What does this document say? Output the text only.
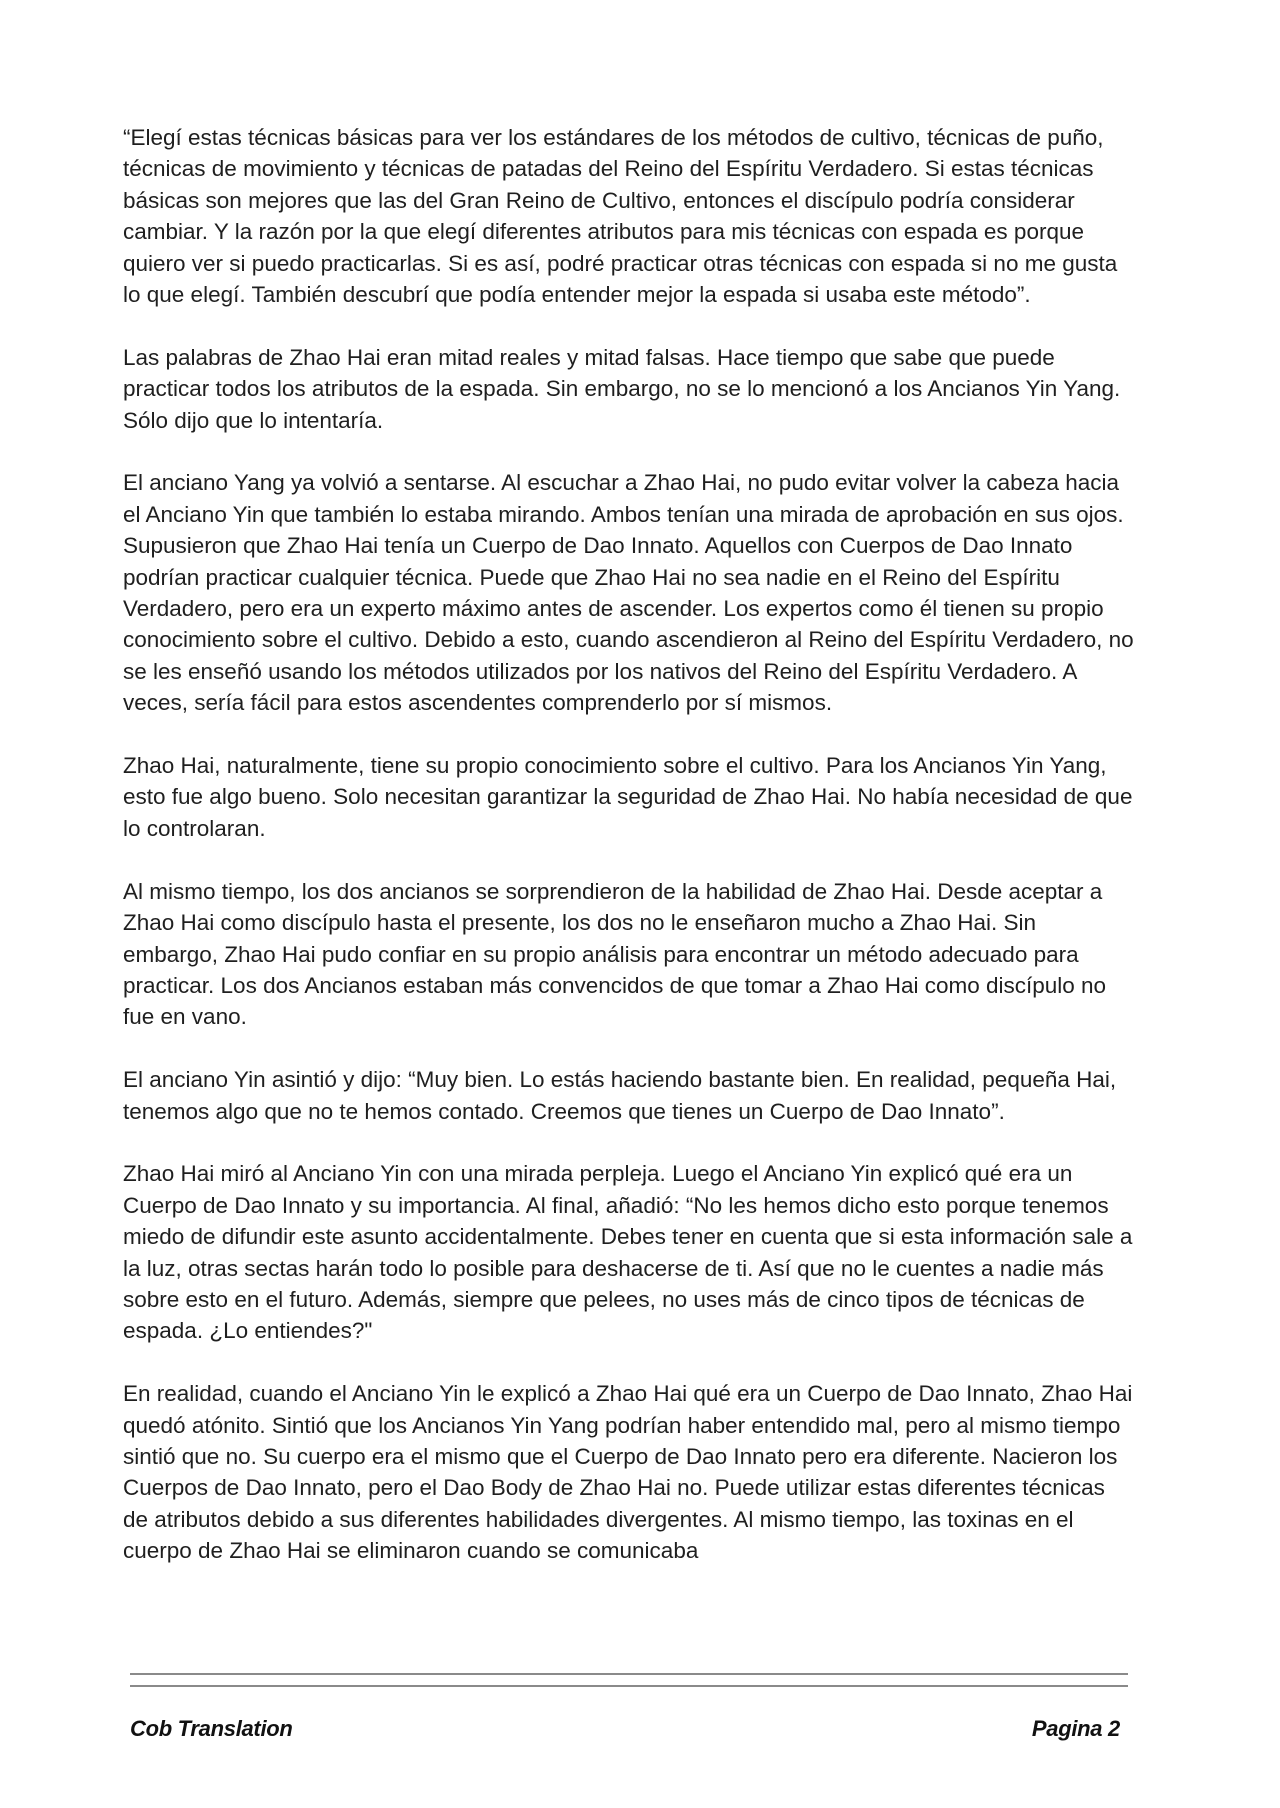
“Elegí estas técnicas básicas para ver los estándares de los métodos de cultivo, técnicas de puño, técnicas de movimiento y técnicas de patadas del Reino del Espíritu Verdadero. Si estas técnicas básicas son mejores que las del Gran Reino de Cultivo, entonces el discípulo podría considerar cambiar. Y la razón por la que elegí diferentes atributos para mis técnicas con espada es porque quiero ver si puedo practicarlas. Si es así, podré practicar otras técnicas con espada si no me gusta lo que elegí. También descubrí que podía entender mejor la espada si usaba este método”.

Las palabras de Zhao Hai eran mitad reales y mitad falsas. Hace tiempo que sabe que puede practicar todos los atributos de la espada. Sin embargo, no se lo mencionó a los Ancianos Yin Yang. Sólo dijo que lo intentaría.

El anciano Yang ya volvió a sentarse. Al escuchar a Zhao Hai, no pudo evitar volver la cabeza hacia el Anciano Yin que también lo estaba mirando. Ambos tenían una mirada de aprobación en sus ojos. Supusieron que Zhao Hai tenía un Cuerpo de Dao Innato. Aquellos con Cuerpos de Dao Innato podrían practicar cualquier técnica. Puede que Zhao Hai no sea nadie en el Reino del Espíritu Verdadero, pero era un experto máximo antes de ascender. Los expertos como él tienen su propio conocimiento sobre el cultivo. Debido a esto, cuando ascendieron al Reino del Espíritu Verdadero, no se les enseñó usando los métodos utilizados por los nativos del Reino del Espíritu Verdadero. A veces, sería fácil para estos ascendentes comprenderlo por sí mismos.

Zhao Hai, naturalmente, tiene su propio conocimiento sobre el cultivo. Para los Ancianos Yin Yang, esto fue algo bueno. Solo necesitan garantizar la seguridad de Zhao Hai. No había necesidad de que lo controlaran.

Al mismo tiempo, los dos ancianos se sorprendieron de la habilidad de Zhao Hai. Desde aceptar a Zhao Hai como discípulo hasta el presente, los dos no le enseñaron mucho a Zhao Hai. Sin embargo, Zhao Hai pudo confiar en su propio análisis para encontrar un método adecuado para practicar. Los dos Ancianos estaban más convencidos de que tomar a Zhao Hai como discípulo no fue en vano.

El anciano Yin asintió y dijo: “Muy bien. Lo estás haciendo bastante bien. En realidad, pequeña Hai, tenemos algo que no te hemos contado. Creemos que tienes un Cuerpo de Dao Innato”.

Zhao Hai miró al Anciano Yin con una mirada perpleja. Luego el Anciano Yin explicó qué era un Cuerpo de Dao Innato y su importancia. Al final, añadió: “No les hemos dicho esto porque tenemos miedo de difundir este asunto accidentalmente. Debes tener en cuenta que si esta información sale a la luz, otras sectas harán todo lo posible para deshacerse de ti. Así que no le cuentes a nadie más sobre esto en el futuro. Además, siempre que pelees, no uses más de cinco tipos de técnicas de espada. ¿Lo entiendes?"

En realidad, cuando el Anciano Yin le explicó a Zhao Hai qué era un Cuerpo de Dao Innato, Zhao Hai quedó atónito. Sintió que los Ancianos Yin Yang podrían haber entendido mal, pero al mismo tiempo sintió que no. Su cuerpo era el mismo que el Cuerpo de Dao Innato pero era diferente. Nacieron los Cuerpos de Dao Innato, pero el Dao Body de Zhao Hai no. Puede utilizar estas diferentes técnicas de atributos debido a sus diferentes habilidades divergentes. Al mismo tiempo, las toxinas en el cuerpo de Zhao Hai se eliminaron cuando se comunicaba

Cob Translation	Pagina 2
